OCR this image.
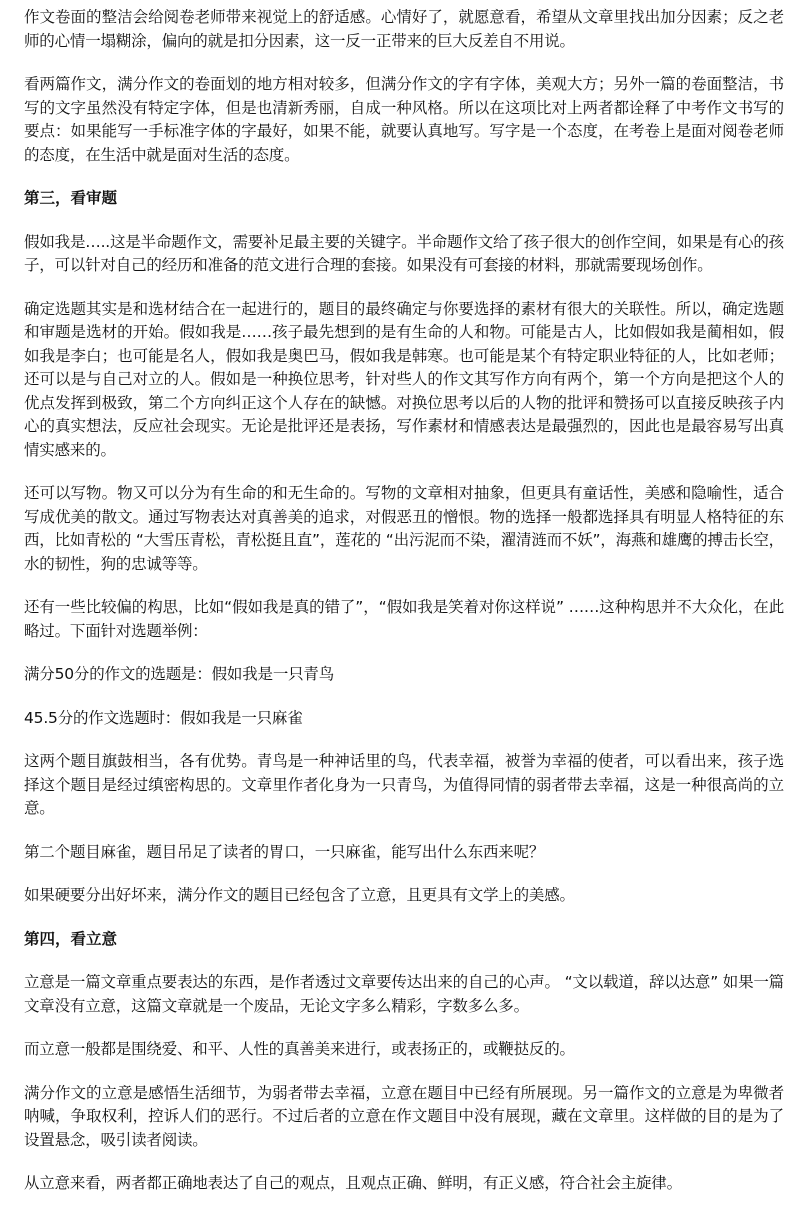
作文卷面的整洁会给阅卷老师带来视觉上的舒适感。心情好了，就愿意看，希望从文章里找出加分因素；反之老师的心情一塌糊涂，偏向的就是扣分因素，这一反一正带来的巨大反差自不用说。

看两篇作文，满分作文的卷面划的地方相对较多，但满分作文的字有字体，美观大方；另外一篇的卷面整洁，书写的文字虽然没有特定字体，但是也清新秀丽，自成一种风格。所以在这项比对上两者都诠释了中考作文书写的要点：如果能写一手标准字体的字最好，如果不能，就要认真地写。写字是一个态度，在考卷上是面对阅卷老师的态度，在生活中就是面对生活的态度。

第三，看审题

假如我是…..这是半命题作文，需要补足最主要的关键字。半命题作文给了孩子很大的创作空间，如果是有心的孩子，可以针对自己的经历和准备的范文进行合理的套接。如果没有可套接的材料，那就需要现场创作。

确定选题其实是和选材结合在一起进行的，题目的最终确定与你要选择的素材有很大的关联性。所以，确定选题和审题是选材的开始。假如我是……孩子最先想到的是有生命的人和物。可能是古人，比如假如我是蔺相如，假如我是李白；也可能是名人，假如我是奥巴马，假如我是韩寒。也可能是某个有特定职业特征的人，比如老师；还可以是与自己对立的人。假如是一种换位思考，针对些人的作文其写作方向有两个，第一个方向是把这个人的优点发挥到极致，第二个方向纠正这个人存在的缺憾。对换位思考以后的人物的批评和赞扬可以直接反映孩子内心的真实想法，反应社会现实。无论是批评还是表扬，写作素材和情感表达是最强烈的，因此也是最容易写出真情实感来的。

还可以写物。物又可以分为有生命的和无生命的。写物的文章相对抽象，但更具有童话性，美感和隐喻性，适合写成优美的散文。通过写物表达对真善美的追求，对假恶丑的憎恨。物的选择一般都选择具有明显人格特征的东西，比如青松的 “大雪压青松，青松挺且直”，莲花的 “出污泥而不染，濯清涟而不妖”，海燕和雄鹰的搏击长空，水的韧性，狗的忠诚等等。

还有一些比较偏的构思，比如“假如我是真的错了”，“假如我是笑着对你这样说” ……这种构思并不大众化，在此略过。下面针对选题举例：

满分50分的作文的选题是：假如我是一只青鸟

45.5分的作文选题时：假如我是一只麻雀

这两个题目旗鼓相当，各有优势。青鸟是一种神话里的鸟，代表幸福，被誉为幸福的使者，可以看出来，孩子选择这个题目是经过缜密构思的。文章里作者化身为一只青鸟，为值得同情的弱者带去幸福，这是一种很高尚的立意。

第二个题目麻雀，题目吊足了读者的胃口，一只麻雀，能写出什么东西来呢？

如果硬要分出好坏来，满分作文的题目已经包含了立意，且更具有文学上的美感。

第四，看立意

立意是一篇文章重点要表达的东西，是作者透过文章要传达出来的自己的心声。 “文以载道，辞以达意” 如果一篇文章没有立意，这篇文章就是一个废品，无论文字多么精彩，字数多么多。

而立意一般都是围绕爱、和平、人性的真善美来进行，或表扬正的，或鞭挞反的。

满分作文的立意是感悟生活细节，为弱者带去幸福，立意在题目中已经有所展现。另一篇作文的立意是为卑微者呐喊，争取权利，控诉人们的恶行。不过后者的立意在作文题目中没有展现，藏在文章里。这样做的目的是为了设置悬念，吸引读者阅读。

从立意来看，两者都正确地表达了自己的观点，且观点正确、鲜明，有正义感，符合社会主旋律。
